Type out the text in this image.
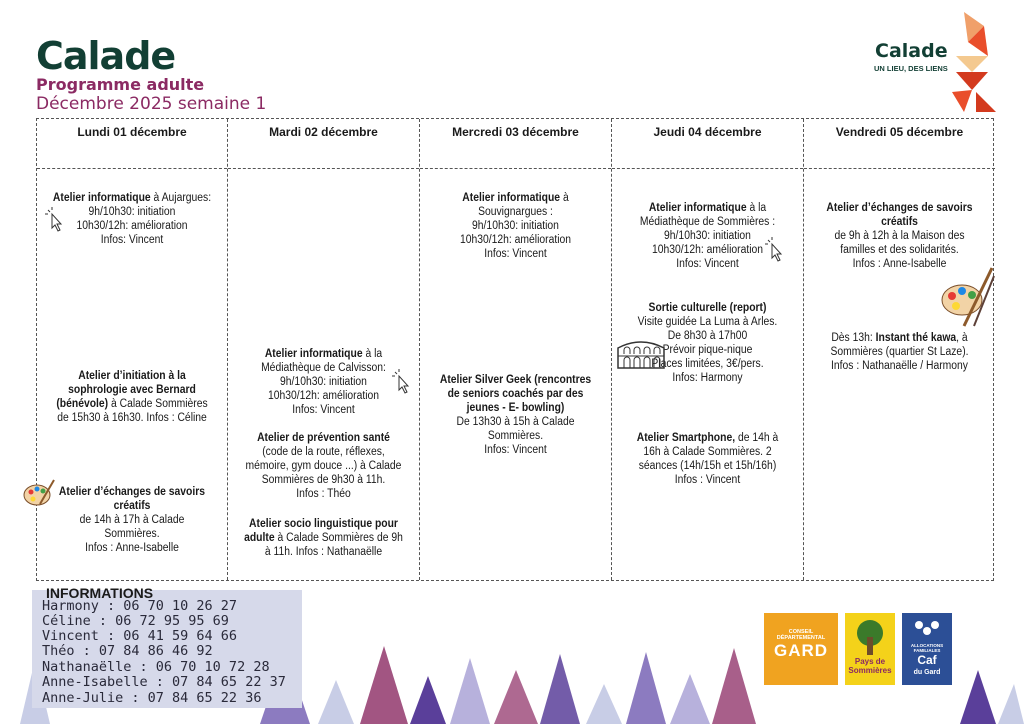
Calade
Programme adulte
Décembre 2025 semaine 1
Calade
UN LIEU, DES LIENS
Lundi 01 décembre
Atelier informatique à Aujargues:
9h/10h30: initiation
10h30/12h: amélioration
Infos: Vincent
Atelier d’initiation à la sophrologie avec Bernard (bénévole) à Calade Sommières de 15h30 à 16h30. Infos : Céline
Atelier d’échanges de savoirs créatifs
de 14h à 17h à Calade Sommières.
Infos : Anne-Isabelle
Mardi 02 décembre
Atelier informatique à la Médiathèque de Calvisson:
9h/10h30: initiation
10h30/12h: amélioration
Infos: Vincent
Atelier de prévention santé
(code de la route, réflexes, mémoire, gym douce ...) à Calade Sommières de 9h30 à 11h.
Infos : Théo
Atelier socio linguistique pour adulte à Calade Sommières de 9h à 11h. Infos : Nathanaëlle
Mercredi 03 décembre
Atelier informatique à
Souvignargues :
9h/10h30: initiation
10h30/12h: amélioration
Infos: Vincent
Atelier Silver Geek (rencontres de seniors coachés par des jeunes - E- bowling)
De 13h30 à 15h à Calade Sommières.
Infos: Vincent
Jeudi 04 décembre
Atelier informatique à la Médiathèque de Sommières :
9h/10h30: initiation
10h30/12h: amélioration
Infos: Vincent
Sortie culturelle (report)
Visite guidée La Luma à Arles.
De 8h30 à 17h00
Prévoir pique-nique
Places limitées, 3€/pers.
Infos: Harmony
Atelier Smartphone, de 14h à 16h à Calade Sommières. 2 séances (14h/15h et 15h/16h)
Infos : Vincent
Vendredi 05 décembre
Atelier d’échanges de savoirs créatifs
de 9h à 12h à la Maison des familles et des solidarités.
Infos : Anne-Isabelle
Dès 13h: Instant thé kawa, à Sommières (quartier St Laze).
Infos : Nathanaëlle / Harmony
INFORMATIONS
Harmony : 06 70 10 26 27
Céline : 06 72 95 95 69
Vincent : 06 41 59 64 66
Théo : 07 84 86 46 92
Nathanaëlle : 06 70 10 72 28
Anne-Isabelle : 07 84 65 22 37
Anne-Julie : 07 84 65 22 36
CONSEIL DÉPARTEMENTAL
GARD
Pays de Sommières
ALLOCATIONS FAMILIALES
Caf
du Gard
